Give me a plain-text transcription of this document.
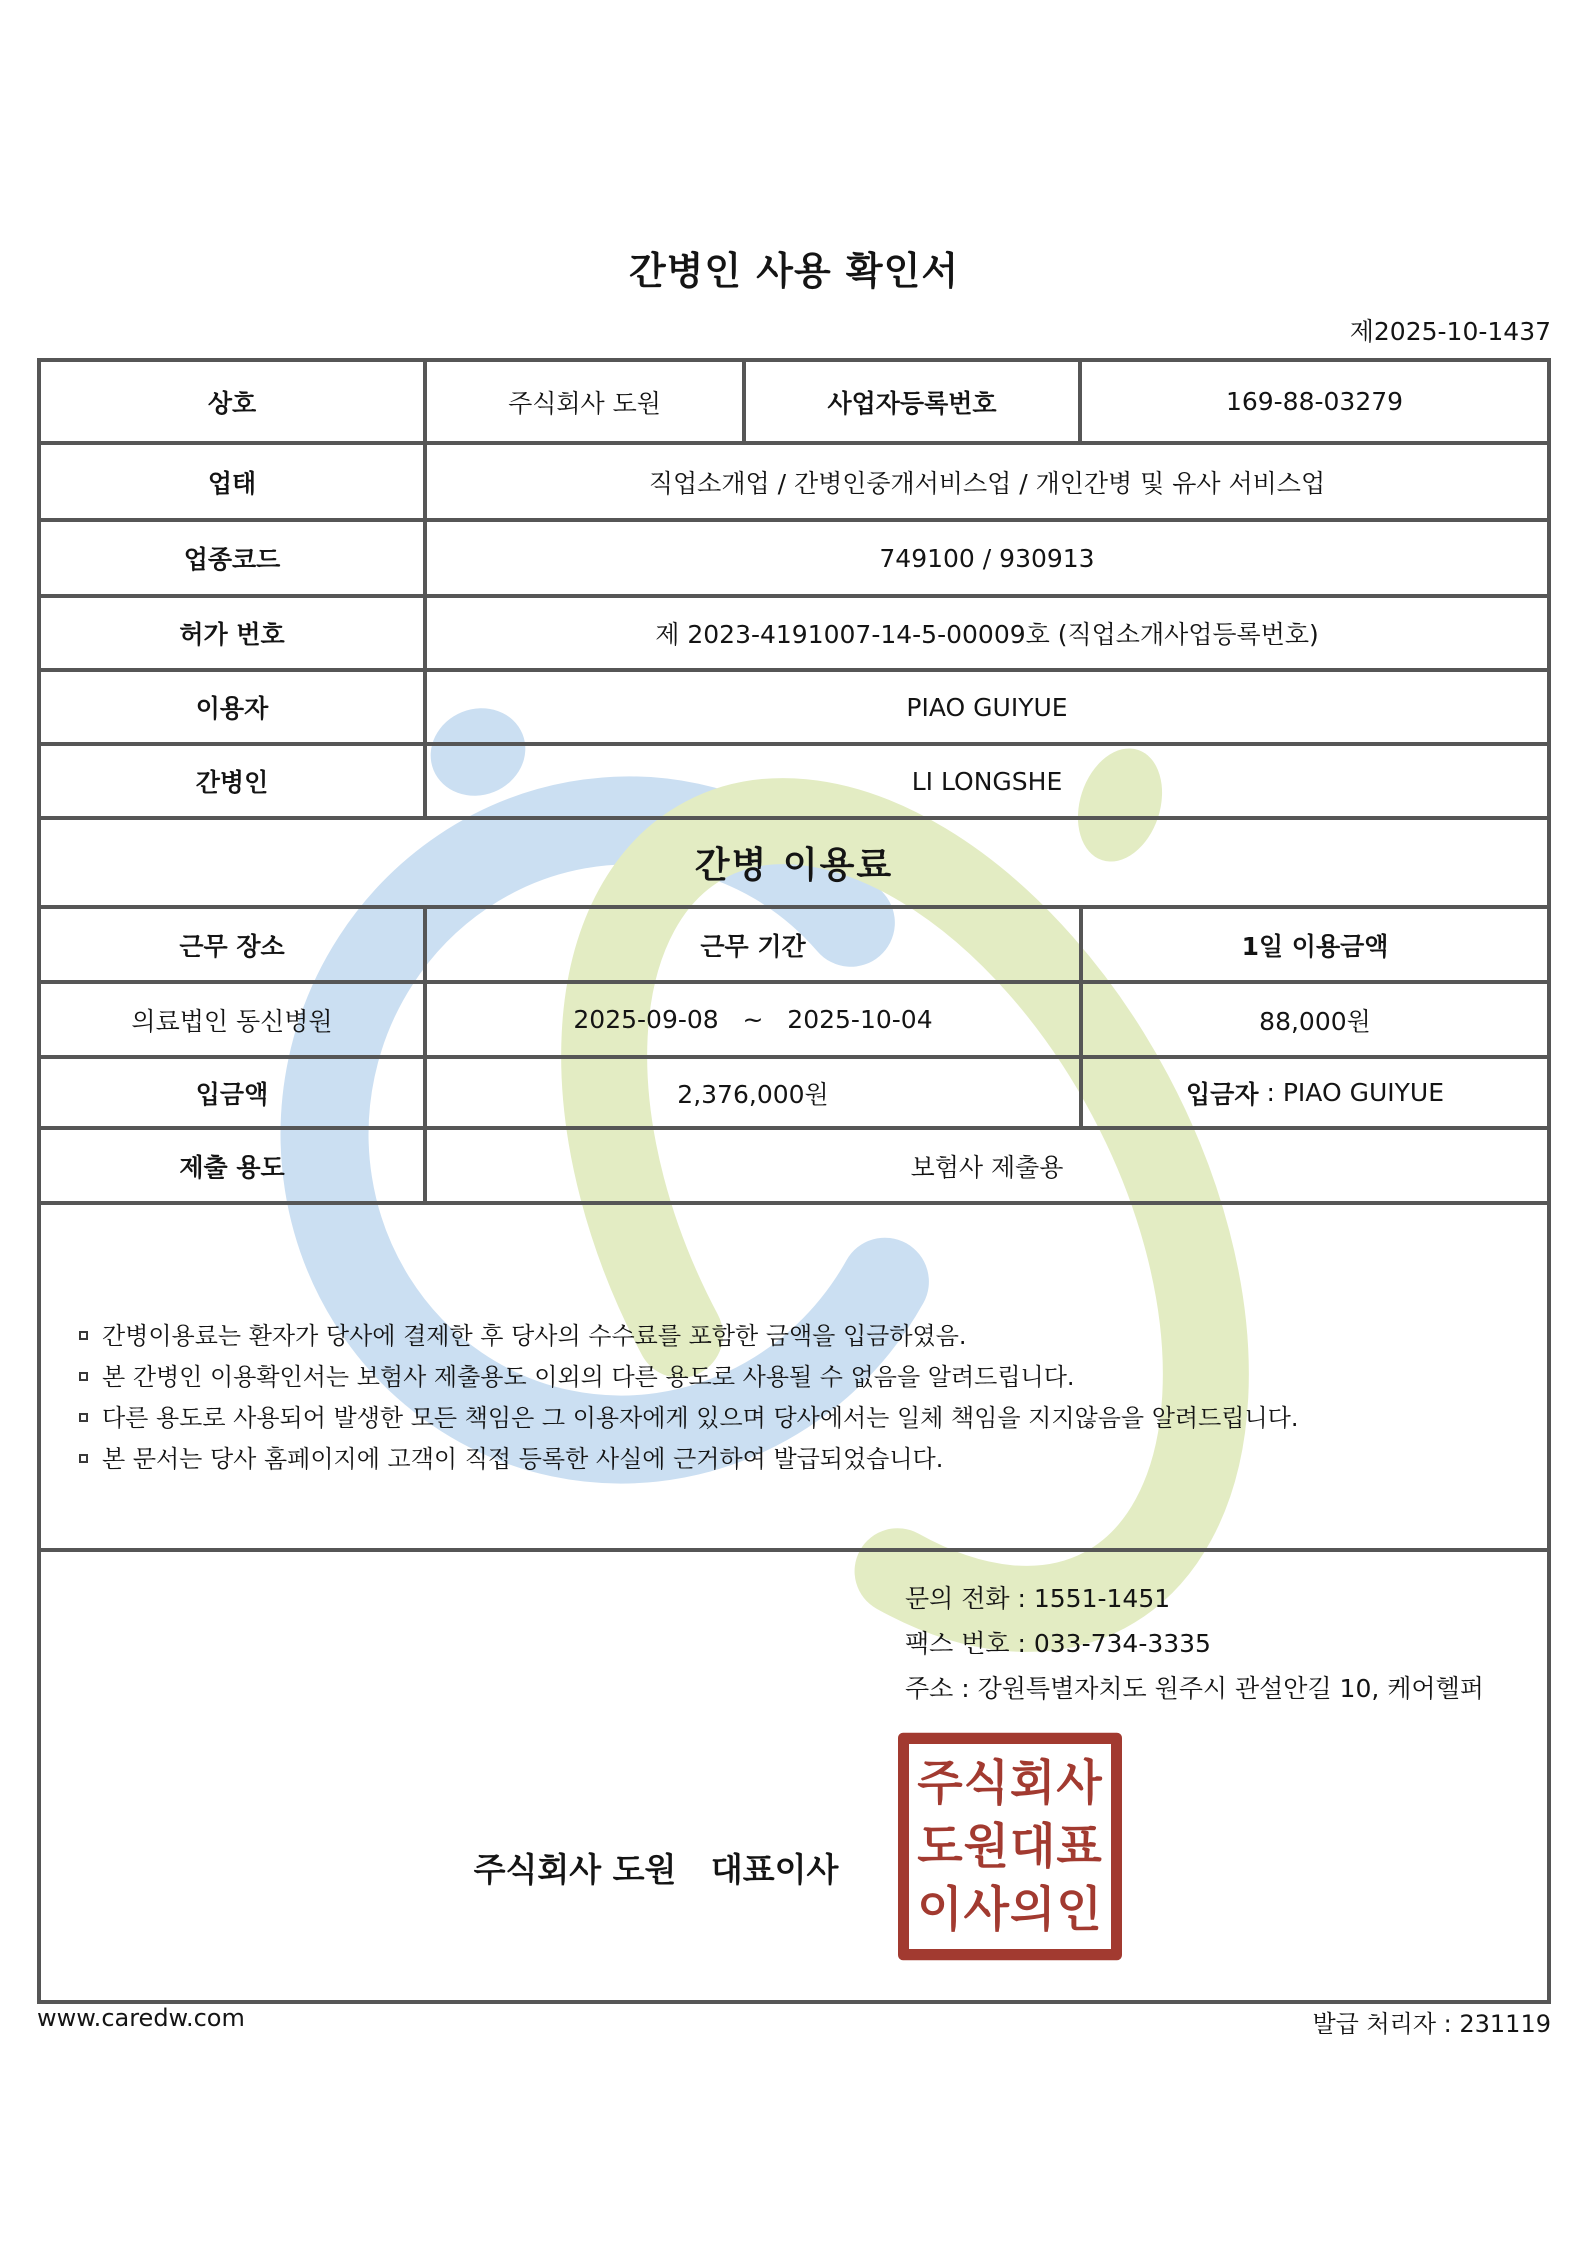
간병인 사용 확인서
제2025-10-1437
상호	주식회사 도원	사업자등록번호	169-88-03279
업태	직업소개업 / 간병인중개서비스업 / 개인간병 및 유사 서비스업
업종코드	749100 / 930913
허가 번호	제 2023-4191007-14-5-00009호 (직업소개사업등록번호)
이용자	PIAO GUIYUE
간병인	LI LONGSHE
간병 이용료
근무 장소	근무 기간	1일 이용금액
의료법인 동신병원	2025-09-08   ~   2025-10-04	88,000원
입금액	2,376,000원	입금자 : PIAO GUIYUE
제출 용도	보험사 제출용
간병이용료는 환자가 당사에 결제한 후 당사의 수수료를 포함한 금액을 입금하였음.
본 간병인 이용확인서는 보험사 제출용도 이외의 다른 용도로 사용될 수 없음을 알려드립니다.
다른 용도로 사용되어 발생한 모든 책임은 그 이용자에게 있으며 당사에서는 일체 책임을 지지않음을 알려드립니다.
본 문서는 당사 홈페이지에 고객이 직접 등록한 사실에 근거하여 발급되었습니다.
문의 전화 : 1551-1451
팩스 번호 : 033-734-3335
주소 : 강원특별자치도 원주시 관설안길 10, 케어헬퍼
주식회사 도원   대표이사
주식회사
도원대표
이사의인
www.caredw.com	발급 처리자 : 231119
